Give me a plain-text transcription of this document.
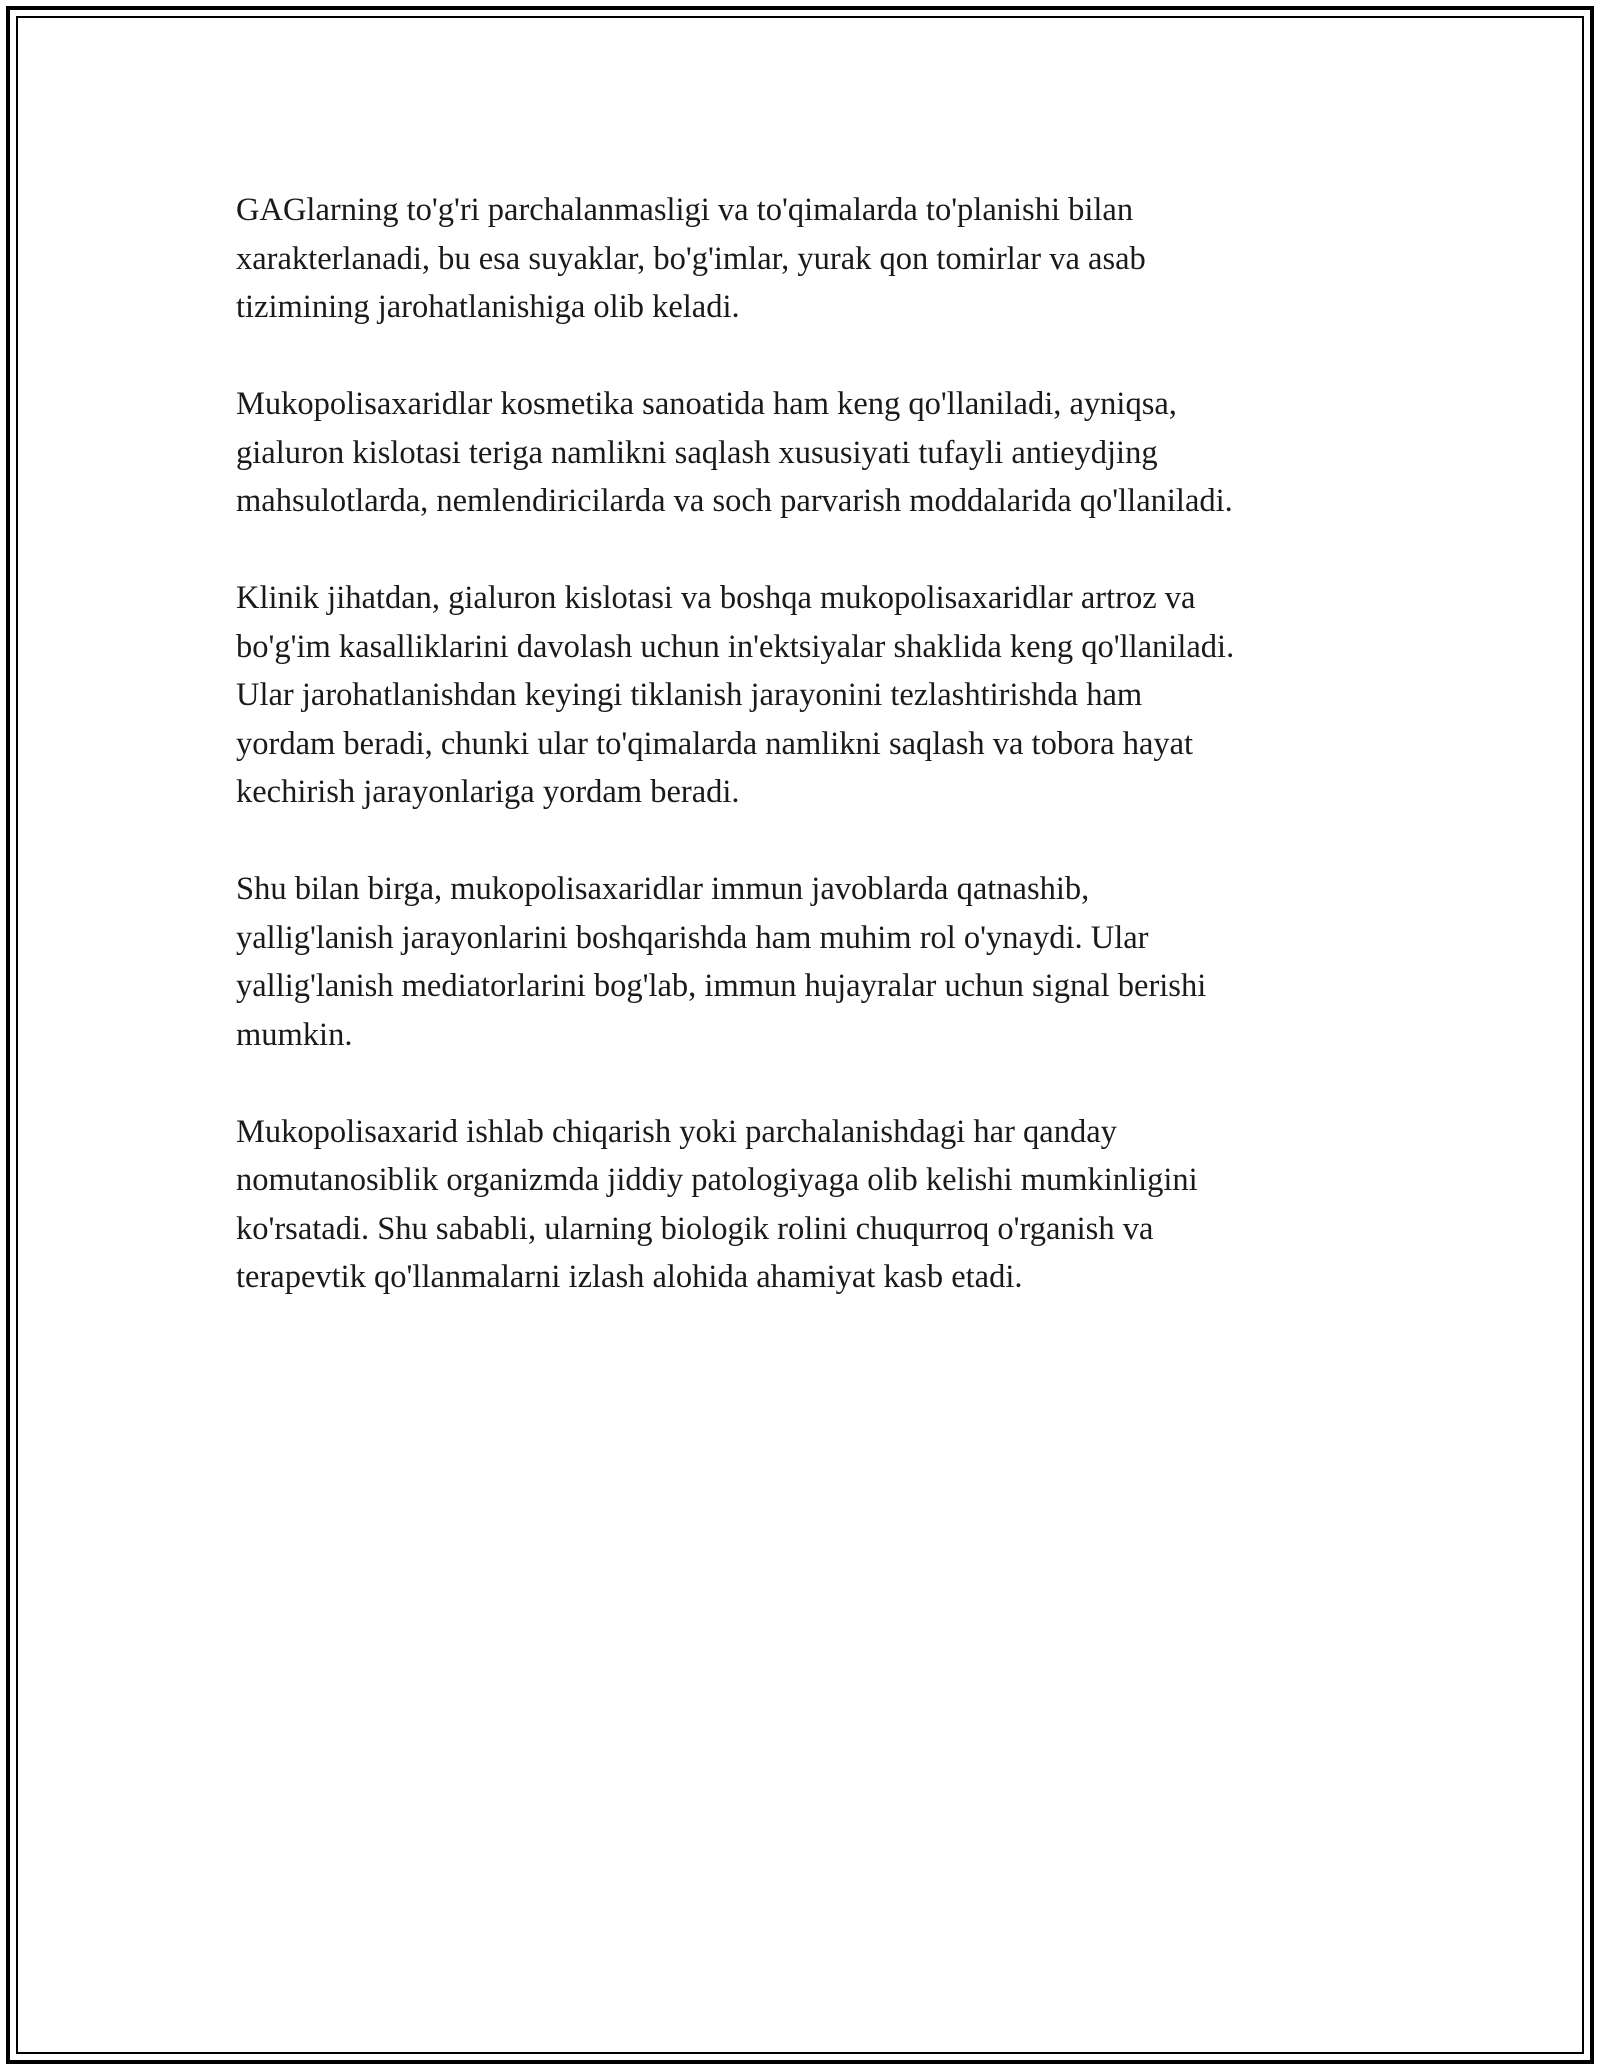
GAGlarning to'g'ri parchalanmasligi va to'qimalarda to'planishi bilan
xarakterlanadi, bu esa suyaklar, bo'g'imlar, yurak qon tomirlar va asab
tizimining jarohatlanishiga olib keladi.

Mukopolisaxaridlar kosmetika sanoatida ham keng qo'llaniladi, ayniqsa,
gialuron kislotasi teriga namlikni saqlash xususiyati tufayli antieydjing
mahsulotlarda, nemlendiricilarda va soch parvarish moddalarida qo'llaniladi.

Klinik jihatdan, gialuron kislotasi va boshqa mukopolisaxaridlar artroz va
bo'g'im kasalliklarini davolash uchun in'ektsiyalar shaklida keng qo'llaniladi.
Ular jarohatlanishdan keyingi tiklanish jarayonini tezlashtirishda ham
yordam beradi, chunki ular to'qimalarda namlikni saqlash va tobora hayat
kechirish jarayonlariga yordam beradi.

Shu bilan birga, mukopolisaxaridlar immun javoblarda qatnashib,
yallig'lanish jarayonlarini boshqarishda ham muhim rol o'ynaydi. Ular
yallig'lanish mediatorlarini bog'lab, immun hujayralar uchun signal berishi
mumkin.

Mukopolisaxarid ishlab chiqarish yoki parchalanishdagi har qanday
nomutanosiblik organizmda jiddiy patologiyaga olib kelishi mumkinligini
ko'rsatadi. Shu sababli, ularning biologik rolini chuqurroq o'rganish va
terapevtik qo'llanmalarni izlash alohida ahamiyat kasb etadi.
